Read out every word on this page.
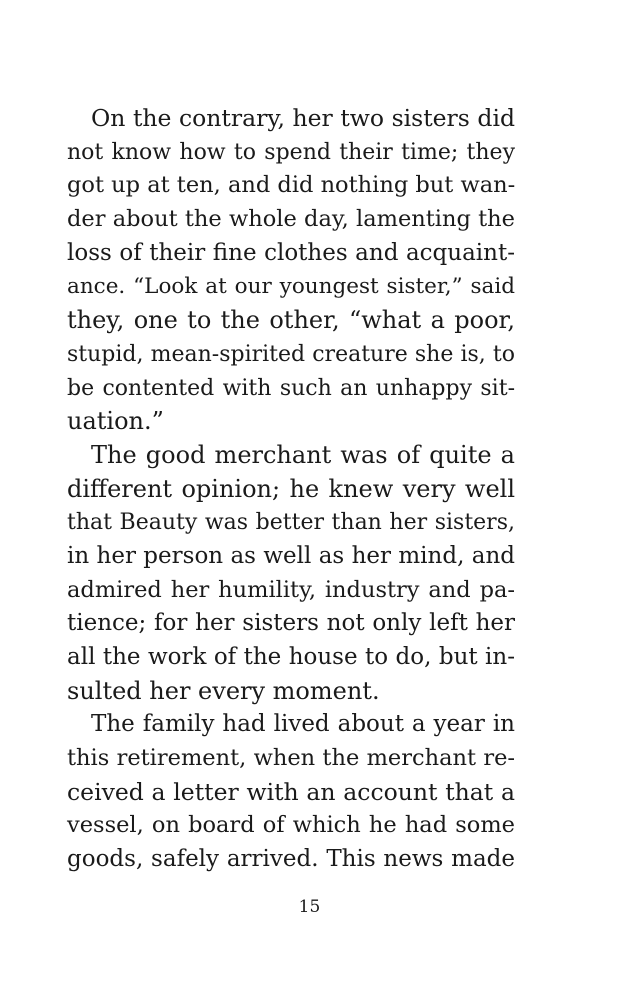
On the contrary, her two sisters did
not know how to spend their time; they
got up at ten, and did nothing but wan-
der about the whole day, lamenting the
loss of their fine clothes and acquaint-
ance. “Look at our youngest sister,” said
they, one to the other, “what a poor,
stupid, mean-spirited creature she is, to
be contented with such an unhappy sit-
uation.”
The good merchant was of quite a
different opinion; he knew very well
that Beauty was better than her sisters,
in her person as well as her mind, and
admired her humility, industry and pa-
tience; for her sisters not only left her
all the work of the house to do, but in-
sulted her every moment.
The family had lived about a year in
this retirement, when the merchant re-
ceived a letter with an account that a
vessel, on board of which he had some
goods, safely arrived. This news made
15
